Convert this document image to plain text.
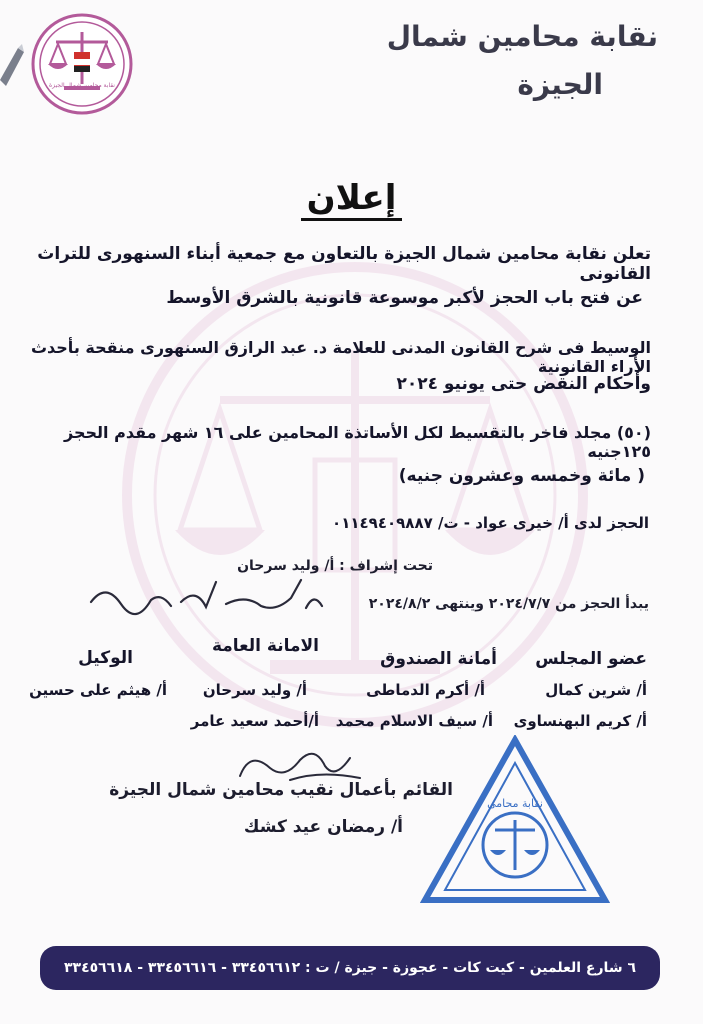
نقابة محامين شمال الجيزة
نقابة محامين شمال
الجيزة
إعلان
تعلن نقابة محامين شمال الجيزة بالتعاون مع جمعية أبناء السنهورى للتراث القانونى
عن فتح باب الحجز لأكبر موسوعة قانونية بالشرق الأوسط
الوسيط فى شرح القانون المدنى للعلامة د. عبد الرازق السنهورى منقحة بأحدث الأراء القانونية
وأحكام النقض حتى يونيو ٢٠٢٤
(٥٠) مجلد فاخر بالتقسيط لكل الأساتذة المحامين على ١٦ شهر مقدم الحجز ١٢٥جنيه
( مائة وخمسه وعشرون جنيه)
الحجز لدى أ/ خيرى عواد - ت/ ٠١١٤٩٤٠٩٨٨٧
تحت إشراف : أ/ وليد سرحان
يبدأ الحجز من ٢٠٢٤/٧/٧ وينتهى ٢٠٢٤/٨/٢
عضو المجلس
أ/ شرين كمال
أ/ كريم البهنساوى
أمانة الصندوق
أ/ أكرم الدماطى
أ/ سيف الاسلام محمد
الامانة العامة
أ/ وليد سرحان
أ/أحمد سعيد عامر
الوكيل
أ/ هيثم على حسين
القائم بأعمال نقيب محامين شمال الجيزة
أ/ رمضان عيد كشك
نقابة محامى
٦ شارع العلمين - كيت كات - عجوزة - جيزة / ت : ٣٣٤٥٦٦١٢ - ٣٣٤٥٦٦١٦ - ٣٣٤٥٦٦١٨
